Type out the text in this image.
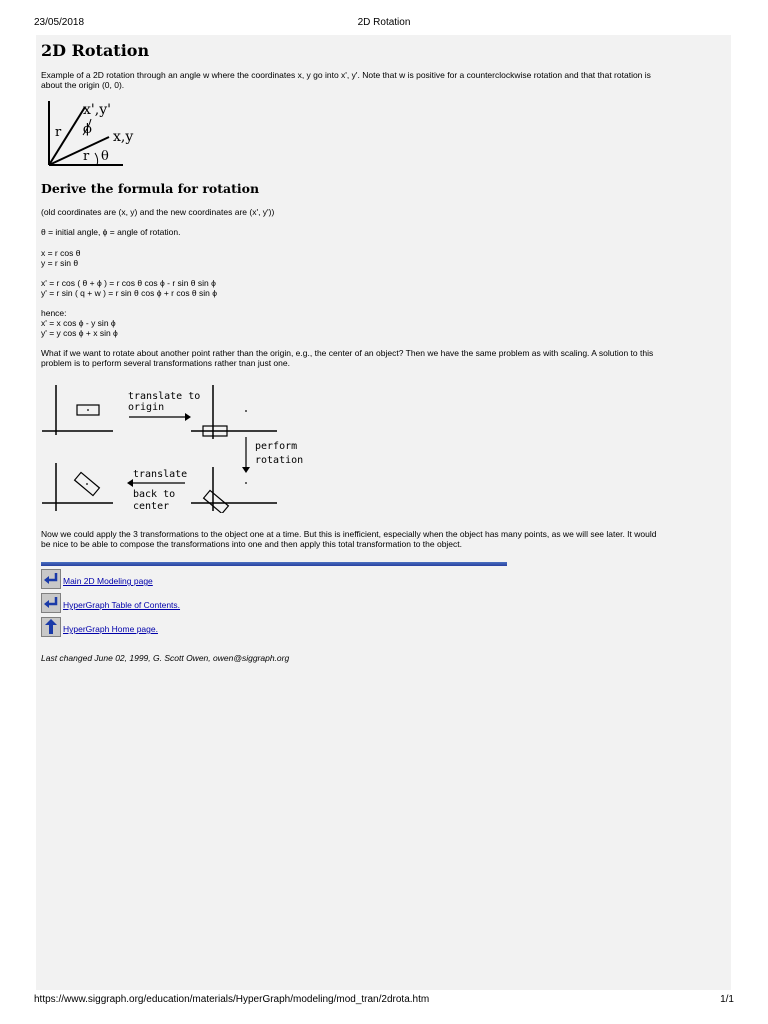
23/05/2018	2D Rotation
2D Rotation
Example of a 2D rotation through an angle w where the coordinates x, y go into x', y'. Note that w is positive for a counterclockwise rotation and that that rotation is
about the origin (0, 0).
x',y'
ϕ x,y
r
r θ
Derive the formula for rotation
(old coordinates are (x, y) and the new coordinates are (x', y'))
θ = initial angle, ϕ = angle of rotation.
x = r cos θ
y = r sin θ
x' = r cos ( θ + ϕ ) = r cos θ cos ϕ - r sin θ sin ϕ
y' = r sin ( q + w ) = r sin θ cos ϕ + r cos θ sin ϕ
hence:
x' = x cos ϕ - y sin ϕ
y' = y cos ϕ + x sin ϕ
What if we want to rotate about another point rather than the origin, e.g., the center of an object? Then we have the same problem as with scaling. A solution to this
problem is to perform several transformations rather tnan just one.
translate to
origin
perform
rotation
translate
back to
center
Now we could apply the 3 transformations to the object one at a time. But this is inefficient, especially when the object has many points, as we will see later. It would
be nice to be able to compose the transformations into one and then apply this total transformation to the object.
Main 2D Modeling page
HyperGraph Table of Contents.
HyperGraph Home page.
Last changed June 02, 1999, G. Scott Owen, owen@siggraph.org
https://www.siggraph.org/education/materials/HyperGraph/modeling/mod_tran/2drota.htm	1/1
